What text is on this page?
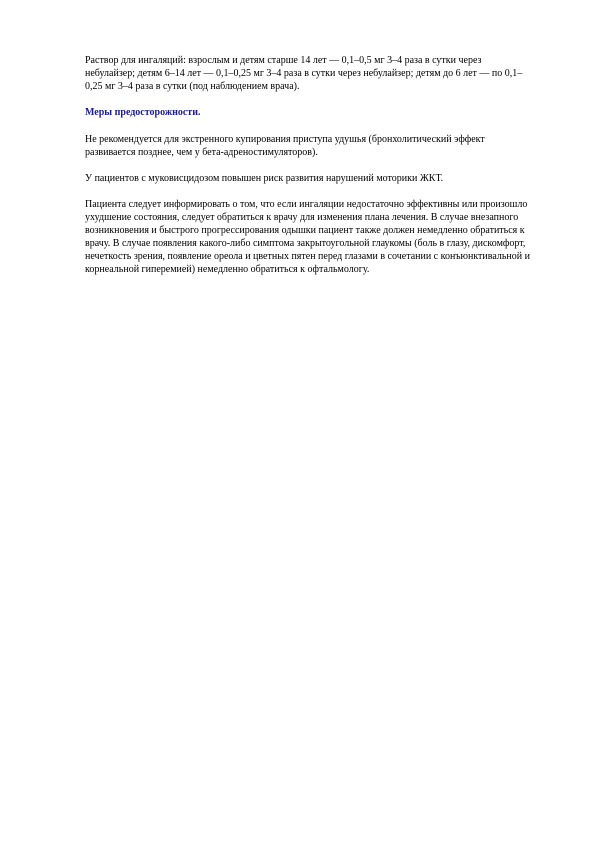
Раствор для ингаляций: взрослым и детям старше 14 лет — 0,1–0,5 мг 3–4 раза в сутки через небулайзер; детям 6–14 лет — 0,1–0,25 мг 3–4 раза в сутки через небулайзер; детям до 6 лет — по 0,1–0,25 мг 3–4 раза в сутки (под наблюдением врача).

Меры предосторожности.

Не рекомендуется для экстренного купирования приступа удушья (бронхолитический эффект развивается позднее, чем у бета-адреностимуляторов).

У пациентов с муковисцидозом повышен риск развития нарушений моторики ЖКТ.

Пациента следует информировать о том, что если ингаляции недостаточно эффективны или произошло ухудшение состояния, следует обратиться к врачу для изменения плана лечения. В случае внезапного возникновения и быстрого прогрессирования одышки пациент также должен немедленно обратиться к врачу. В случае появления какого-либо симптома закрытоугольной глаукомы (боль в глазу, дискомфорт, нечеткость зрения, появление ореола и цветных пятен перед глазами в сочетании с конъюнктивальной и корнеальной гиперемией) немедленно обратиться к офтальмологу.
